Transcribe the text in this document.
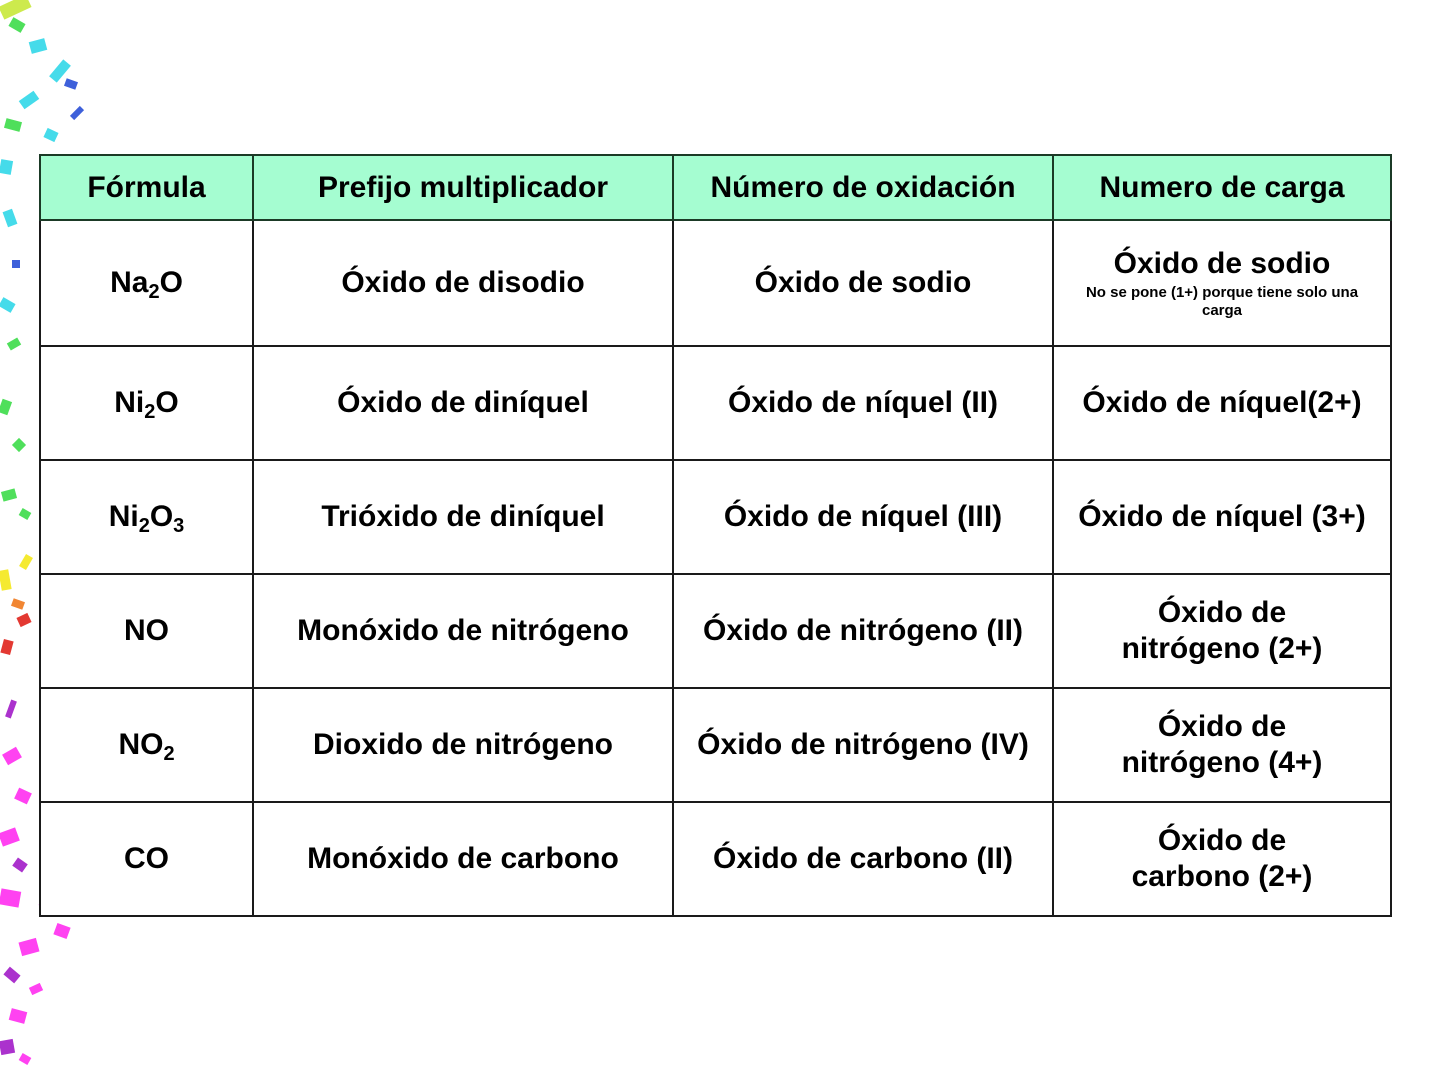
Fórmula	Prefijo multiplicador	Número de oxidación	Numero de carga
$Na_2O$	Óxido de disodio	Óxido de sodio	Óxido de sodio
No se pone (1+) porque tiene solo una carga

$Ni_2O$	Óxido de diníquel	Óxido de níquel (II)	Óxido de níquel(2+)
$Ni_2O_3$	Trióxido de diníquel	Óxido de níquel (III)	Óxido de níquel (3+)
NO	Monóxido de nitrógeno	Óxido de nitrógeno (II)	Óxido de nitrógeno (2+)
$NO_2$	Dioxido de nitrógeno	Óxido de nitrógeno (IV)	Óxido de nitrógeno (4+)
CO	Monóxido de carbono	Óxido de carbono (II)	Óxido de carbono (2+)
